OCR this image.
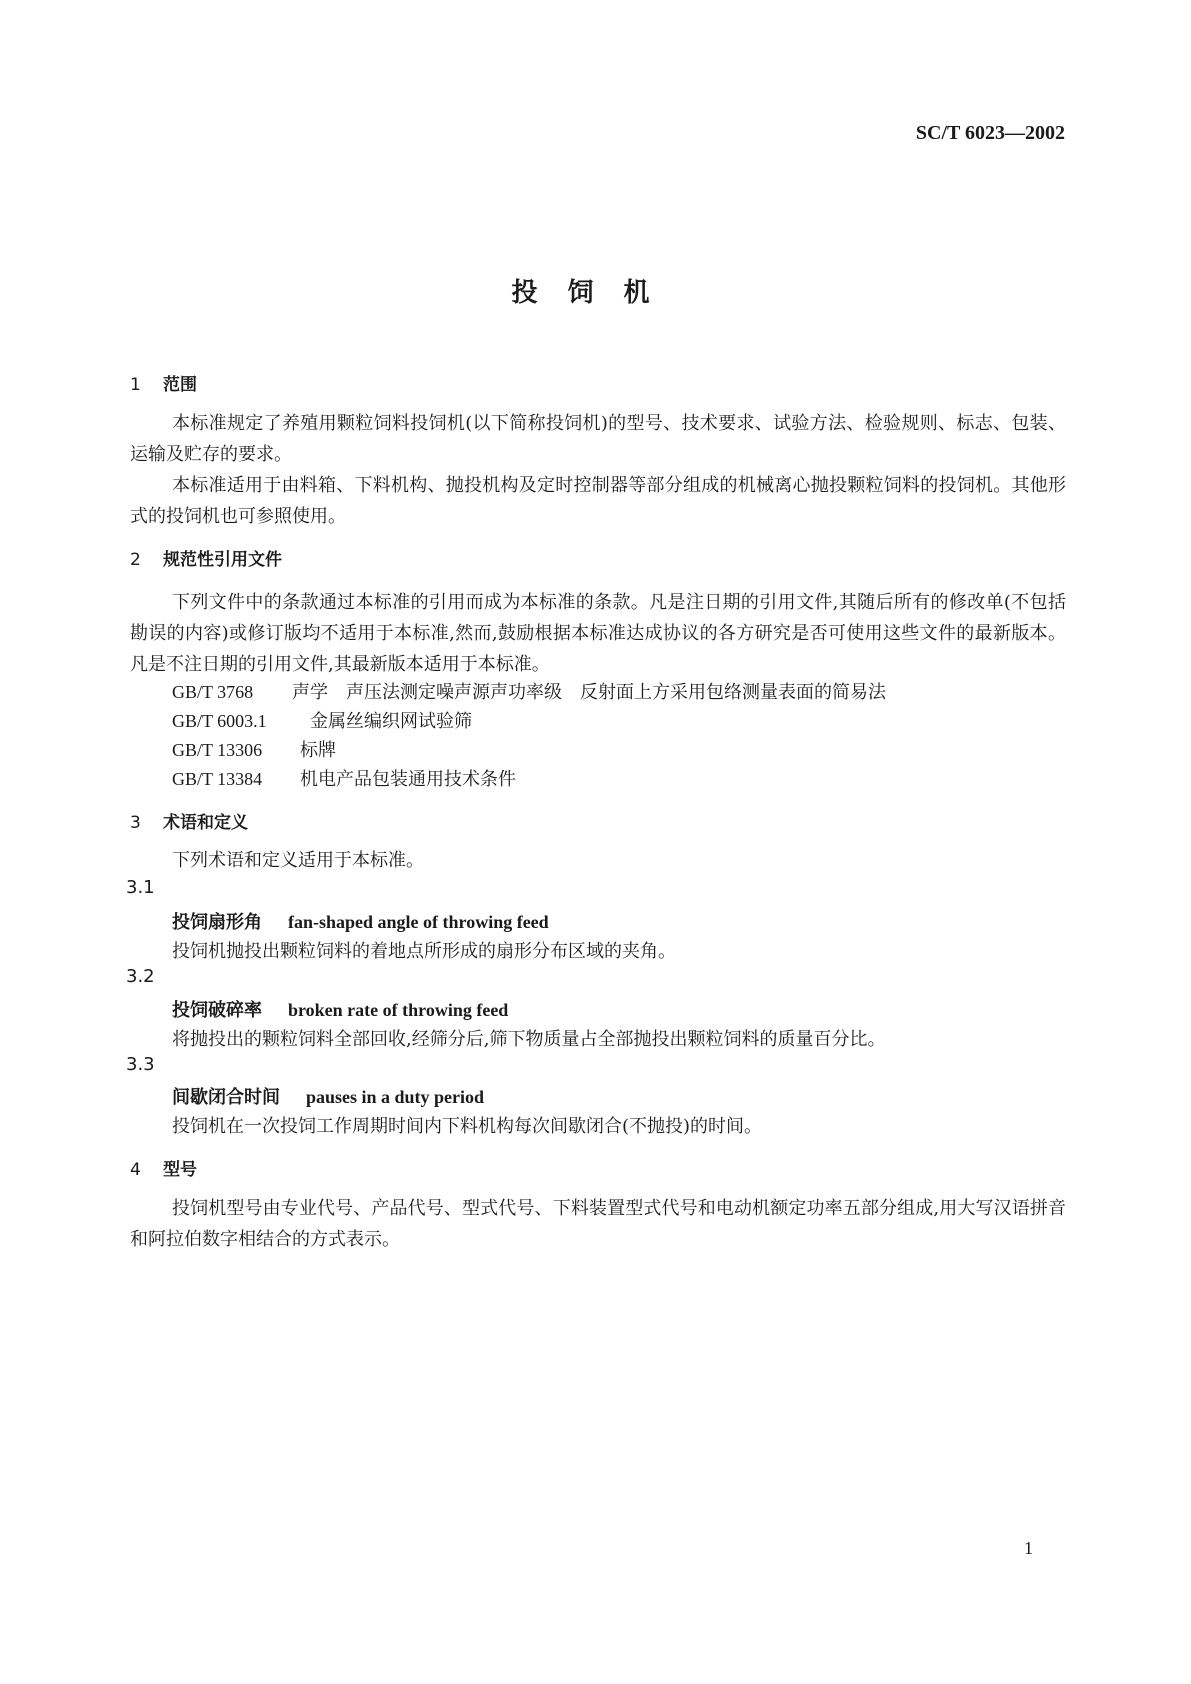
SC/T 6023—2002
投饲机
1 范围
本标准规定了养殖用颗粒饲料投饲机(以下简称投饲机)的型号、技术要求、试验方法、检验规则、标志、包装、运输及贮存的要求。
本标准适用于由料箱、下料机构、抛投机构及定时控制器等部分组成的机械离心抛投颗粒饲料的投饲机。其他形式的投饲机也可参照使用。
2 规范性引用文件
下列文件中的条款通过本标准的引用而成为本标准的条款。凡是注日期的引用文件,其随后所有的修改单(不包括勘误的内容)或修订版均不适用于本标准,然而,鼓励根据本标准达成协议的各方研究是否可使用这些文件的最新版本。凡是不注日期的引用文件,其最新版本适用于本标准。
GB/T 3768 声学　声压法测定噪声源声功率级　反射面上方采用包络测量表面的简易法
GB/T 6003.1 金属丝编织网试验筛
GB/T 13306 标牌
GB/T 13384 机电产品包装通用技术条件
3 术语和定义
下列术语和定义适用于本标准。
3.1
投饲扇形角 fan-shaped angle of throwing feed
投饲机抛投出颗粒饲料的着地点所形成的扇形分布区域的夹角。
3.2
投饲破碎率 broken rate of throwing feed
将抛投出的颗粒饲料全部回收,经筛分后,筛下物质量占全部抛投出颗粒饲料的质量百分比。
3.3
间歇闭合时间 pauses in a duty period
投饲机在一次投饲工作周期时间内下料机构每次间歇闭合(不抛投)的时间。
4 型号
投饲机型号由专业代号、产品代号、型式代号、下料装置型式代号和电动机额定功率五部分组成,用大写汉语拼音和阿拉伯数字相结合的方式表示。
1
